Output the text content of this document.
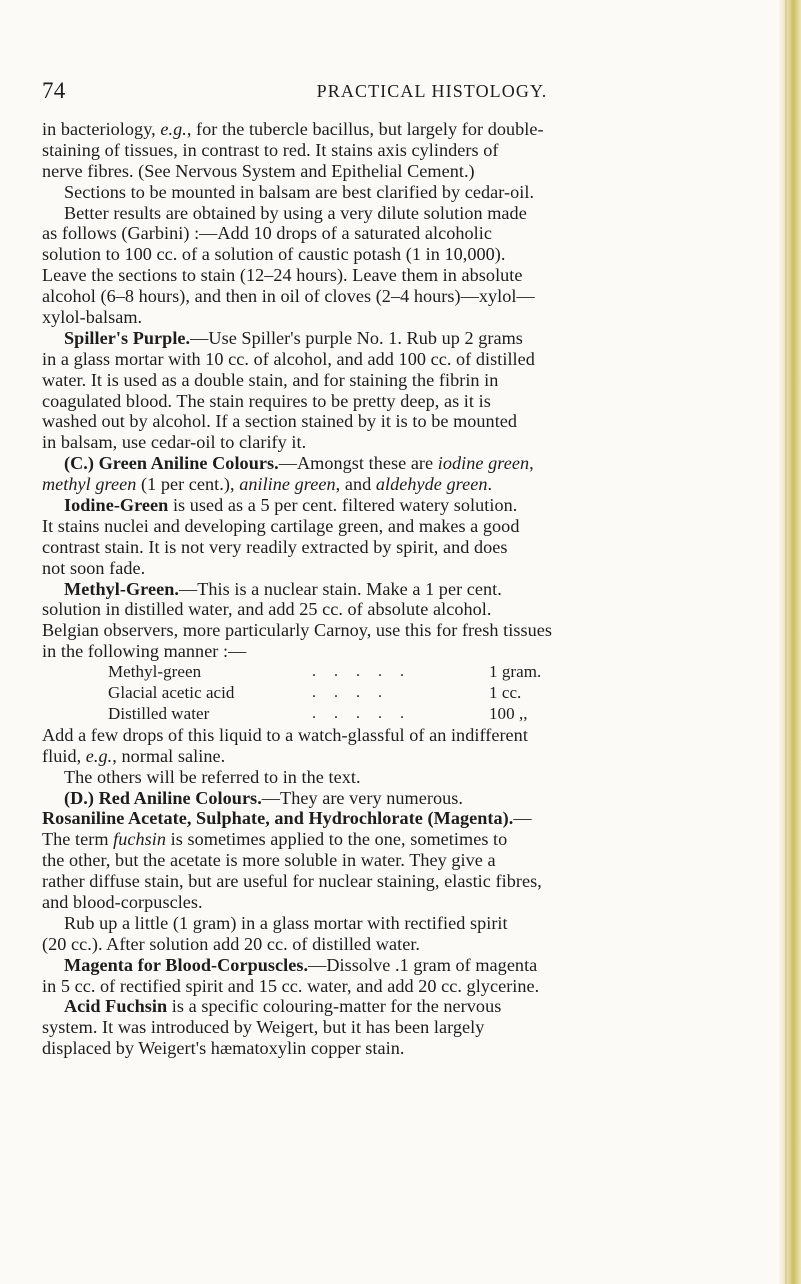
74	PRACTICAL HISTOLOGY.
in bacteriology, e.g., for the tubercle bacillus, but largely for double-
staining of tissues, in contrast to red. It stains axis cylinders of
nerve fibres. (See Nervous System and Epithelial Cement.)
Sections to be mounted in balsam are best clarified by cedar-oil.
Better results are obtained by using a very dilute solution made
as follows (Garbini) :—Add 10 drops of a saturated alcoholic
solution to 100 cc. of a solution of caustic potash (1 in 10,000).
Leave the sections to stain (12–24 hours). Leave them in absolute
alcohol (6–8 hours), and then in oil of cloves (2–4 hours)—xylol—
xylol-balsam.
Spiller's Purple.—Use Spiller's purple No. 1. Rub up 2 grams
in a glass mortar with 10 cc. of alcohol, and add 100 cc. of distilled
water. It is used as a double stain, and for staining the fibrin in
coagulated blood. The stain requires to be pretty deep, as it is
washed out by alcohol. If a section stained by it is to be mounted
in balsam, use cedar-oil to clarify it.
(C.) Green Aniline Colours.—Amongst these are iodine green,
methyl green (1 per cent.), aniline green, and aldehyde green.
Iodine-Green is used as a 5 per cent. filtered watery solution.
It stains nuclei and developing cartilage green, and makes a good
contrast stain. It is not very readily extracted by spirit, and does
not soon fade.
Methyl-Green.—This is a nuclear stain. Make a 1 per cent.
solution in distilled water, and add 25 cc. of absolute alcohol.
Belgian observers, more particularly Carnoy, use this for fresh tissues
in the following manner :—
Methyl-green	.....	1 gram.
Glacial acetic acid	....	1 cc.
Distilled water	.....	100 ,,
Add a few drops of this liquid to a watch-glassful of an indifferent
fluid, e.g., normal saline.
The others will be referred to in the text.
(D.) Red Aniline Colours.—They are very numerous.
Rosaniline Acetate, Sulphate, and Hydrochlorate (Magenta).—
The term fuchsin is sometimes applied to the one, sometimes to
the other, but the acetate is more soluble in water. They give a
rather diffuse stain, but are useful for nuclear staining, elastic fibres,
and blood-corpuscles.
Rub up a little (1 gram) in a glass mortar with rectified spirit
(20 cc.). After solution add 20 cc. of distilled water.
Magenta for Blood-Corpuscles.—Dissolve .1 gram of magenta
in 5 cc. of rectified spirit and 15 cc. water, and add 20 cc. glycerine.
Acid Fuchsin is a specific colouring-matter for the nervous
system. It was introduced by Weigert, but it has been largely
displaced by Weigert's hæmatoxylin copper stain.
